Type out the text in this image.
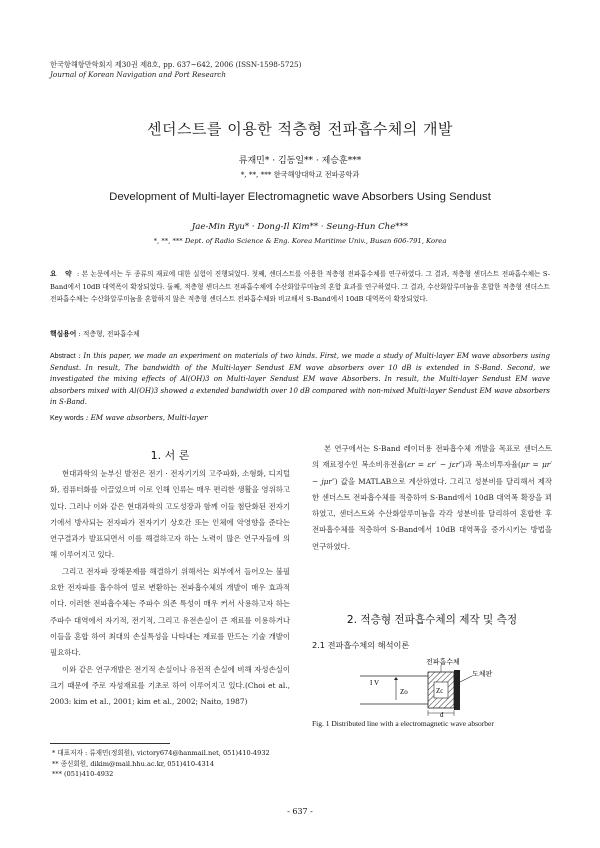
한국항해항만학회지 제30권 제8호, pp. 637~642, 2006 (ISSN-1598-5725)
Journal of Korean Navigation and Port Research
센더스트를 이용한 적층형 전파흡수체의 개발
류재민* · 김동일** · 제승훈***
*, **, *** 한국해양대학교 전파공학과
Development of Multi-layer Electromagnetic wave Absorbers Using Sendust
Jae-Min Ryu* · Dong-Il Kim** · Seung-Hun Che***
*, **, *** Dept. of Radio Science & Eng. Korea Maritime Univ., Busan 606-791, Korea
요 약 : 본 논문에서는 두 종류의 재료에 대한 실험이 진행되었다. 첫째, 센더스트를 이용한 적층형 전파흡수체를 연구하였다. 그 결과, 적층형 센더스트 전파흡수체는 S-Band에서 10dB 대역폭이 확장되었다. 둘째, 적층형 센더스트 전파흡수체에 수산화알루미늄의 혼합 효과를 연구하였다. 그 결과, 수산화알루미늄을 혼합한 적층형 센더스트 전파흡수체는 수산화알루미늄을 혼합하지 않은 적층형 센더스트 전파흡수체와 비교해서 S-Band에서 10dB 대역폭이 확장되었다.
핵심용어 : 적층형, 전파흡수체
Abstract : In this paper, we made an experiment on materials of two kinds. First, we made a study of Multi-layer EM wave absorbers using Sendust. In result, The bandwidth of the Multi-layer Sendust EM wave absorbers over 10 dB is extended in S-Band. Second, we investigated the mixing effects of Al(OH)3 on Multi-layer Sendust EM wave Absorbers. In result, the Multi-layer Sendust EM wave absorbers mixed with Al(OH)3 showed a extended bandwidth over 10 dB compared with non-mixed Multi-layer Sendust EM wave absorbers in S-Band.
Key words : EM wave absorbers, Multi-layer
1. 서 론

현대과학의 눈부신 발전은 전기 · 전자기기의 고주파화, 소형화, 디지털화, 컴퓨터화를 이끌었으며 이로 인해 인류는 매우 편리한 생활을 영위하고 있다. 그러나 이와 같은 현대과학의 고도성장과 함께 이들 첨단화된 전자기기에서 방사되는 전자파가 전자기기 상호간 또는 인체에 악영향을 준다는 연구결과가 발표되면서 이를 해결하고자 하는 노력이 많은 연구자들에 의해 이루어지고 있다.

그리고 전자파 장해문제를 해결하기 위해서는 외부에서 들어오는 불필요한 전자파를 흡수하여 열로 변환하는 전파흡수체의 개발이 매우 효과적이다. 이러한 전파흡수체는 주파수 의존 특성이 매우 커서 사용하고자 하는 주파수 대역에서 자기적, 전기적, 그리고 유전손실이 큰 재료를 이용하거나 이들을 혼합 하여 최대의 손실특성을 나타내는 재료를 만드는 기술 개발이 필요하다.

이와 같은 연구개발은 전기적 손실이나 유전적 손실에 비해 자성손실이 크기 때문에 주로 자성재료를 기초로 하여 이루어지고 있다.(Choi et al., 2003: kim et al., 2001; kim et al., 2002; Naito, 1987)

본 연구에서는 S-Band 레이더용 전파흡수체 개발을 목표로 센더스트의 재료정수인 복소비유전율(εr = εr′ − jεr″)과 복소비투자율(μr = μr′ − jμr″) 값을 MATLAB으로 계산하였다. 그리고 성분비를 달리해서 제작한 센더스트 전파흡수체를 적층하여 S-Band에서 10dB 대역폭 확장을 꾀하였고, 센더스트와 수산화알루미늄을 각각 성분비를 달리하여 혼합한 후 전파흡수체를 적층하여 S-Band에서 10dB 대역폭을 증가시키는 방법을 연구하였다.

2. 적층형 전파흡수체의 제작 및 측정
2.1 전파흡수체의 해석이론
I V
Zo	Zc
도체판
전파흡수체
d
Fig. 1 Distributed line with a electromagnetic wave absorber
* 대표저자 : 류재민(정회원), victory674@hanmail.net, 051)410-4932
** 종신회원, dikim@mail.hhu.ac.kr, 051)410-4314
*** (051)410-4932
- 637 -
